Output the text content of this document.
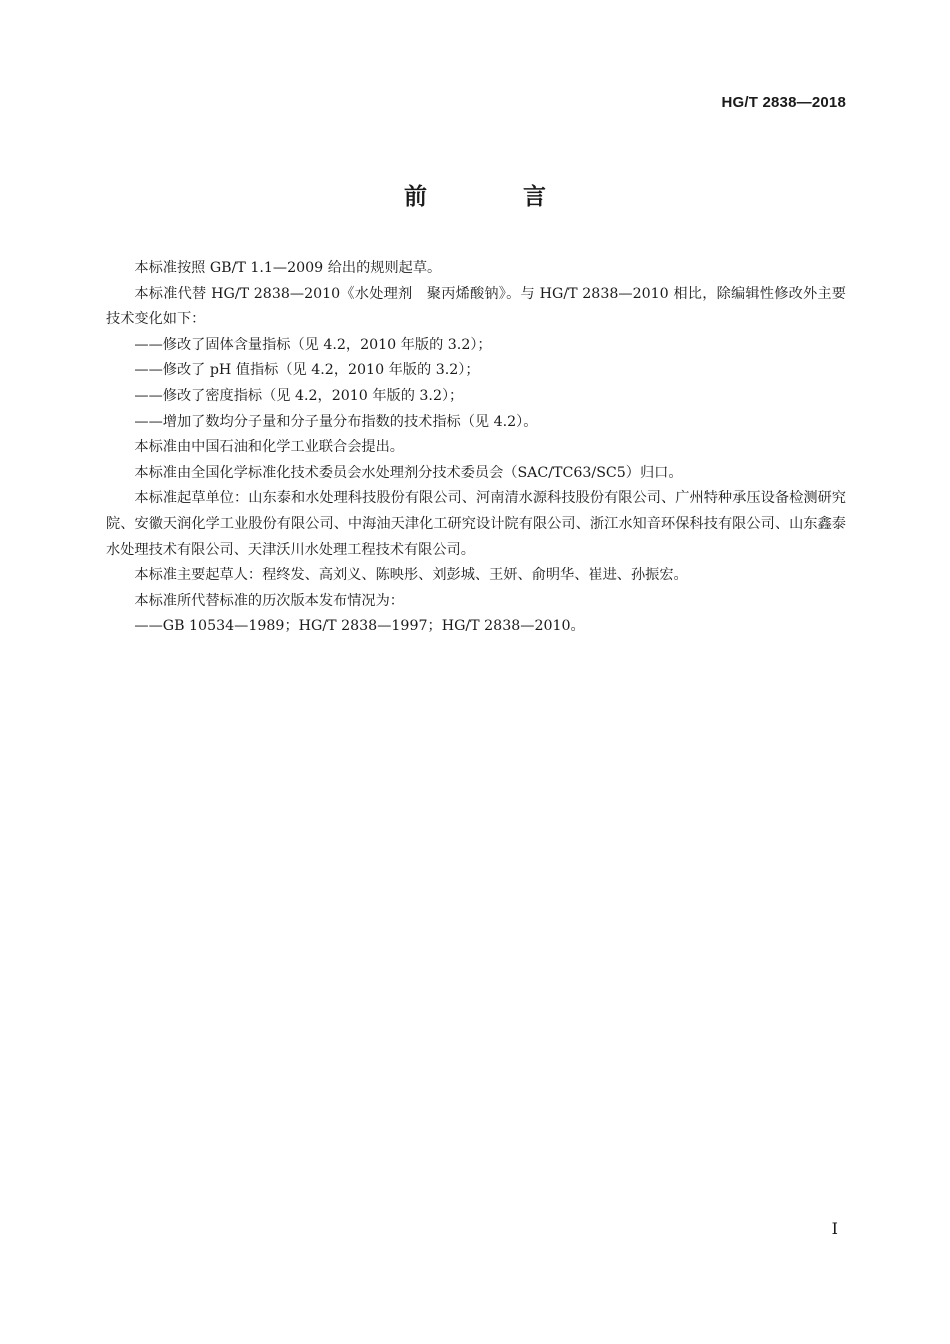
HG/T 2838—2018
前 言

本标准按照 GB/T 1.1—2009 给出的规则起草。

本标准代替 HG/T 2838—2010《水处理剂　聚丙烯酸钠》。与 HG/T 2838—2010 相比，除编辑性修改外主要技术变化如下：

——修改了固体含量指标（见 4.2，2010 年版的 3.2）；

——修改了 pH 值指标（见 4.2，2010 年版的 3.2）；

——修改了密度指标（见 4.2，2010 年版的 3.2）；

——增加了数均分子量和分子量分布指数的技术指标（见 4.2）。

本标准由中国石油和化学工业联合会提出。

本标准由全国化学标准化技术委员会水处理剂分技术委员会（SAC/TC63/SC5）归口。

本标准起草单位：山东泰和水处理科技股份有限公司、河南清水源科技股份有限公司、广州特种承压设备检测研究院、安徽天润化学工业股份有限公司、中海油天津化工研究设计院有限公司、浙江水知音环保科技有限公司、山东鑫泰水处理技术有限公司、天津沃川水处理工程技术有限公司。

本标准主要起草人：程终发、高刘义、陈映彤、刘彭城、王妍、俞明华、崔进、孙振宏。

本标准所代替标准的历次版本发布情况为：

——GB 10534—1989；HG/T 2838—1997；HG/T 2838—2010。

I
